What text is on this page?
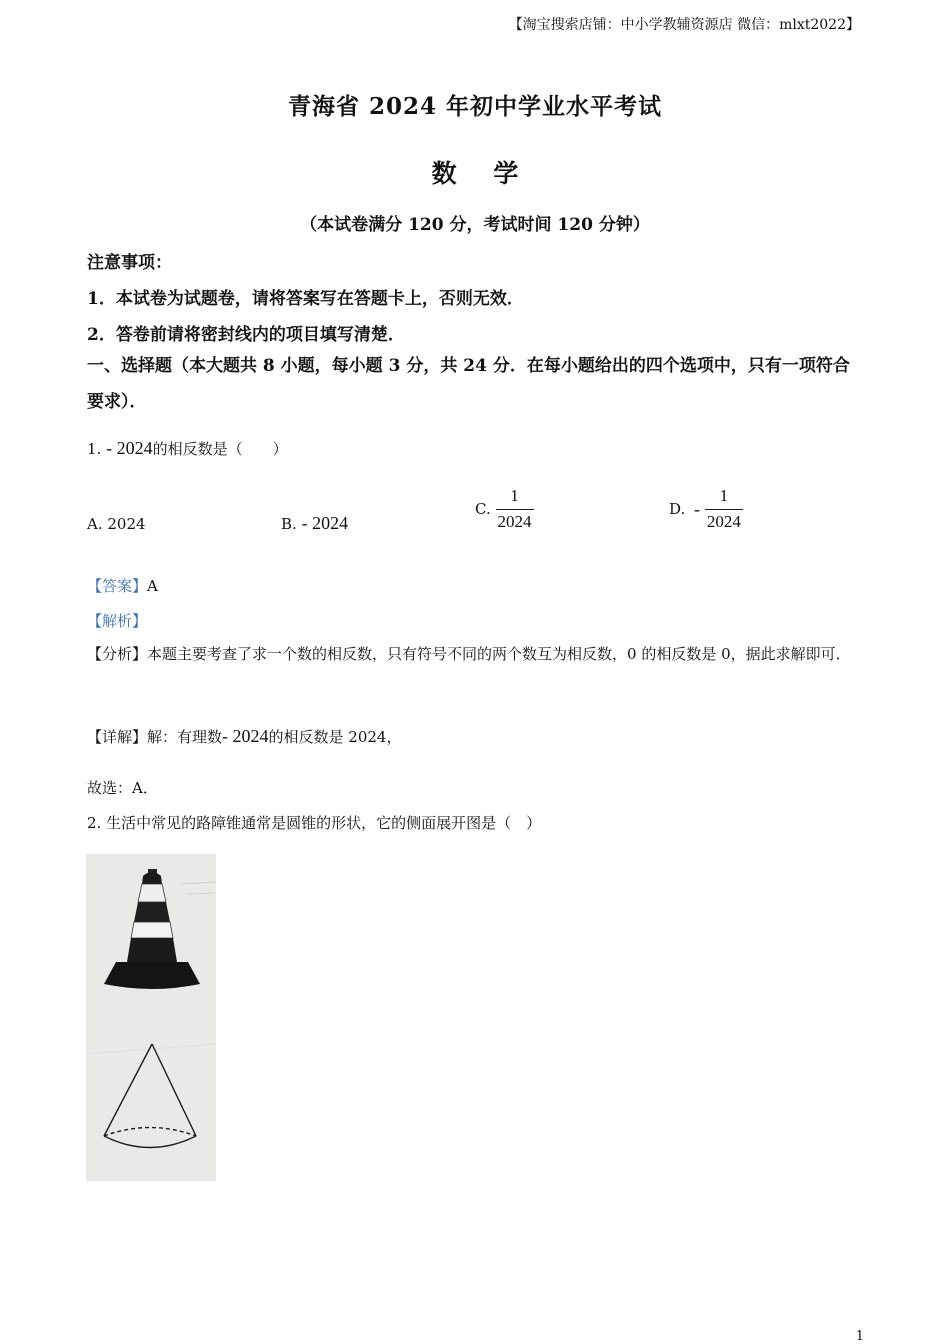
【淘宝搜索店铺：中小学教辅资源店 微信：mlxt2022】
青海省 2024 年初中学业水平考试
数 学
（本试卷满分 120 分，考试时间 120 分钟）
注意事项：
1．本试卷为试题卷，请将答案写在答题卡上，否则无效．
2．答卷前请将密封线内的项目填写清楚．
一、选择题（本大题共 8 小题，每小题 3 分，共 24 分．在每小题给出的四个选项中，只有一项符合要求）．
1. - 2024的相反数是（　　）
A. 2024	B. - 2024
C. $\frac{1}{2024}$	D. - $\frac{1}{2024}$
【答案】A
【解析】
【分析】本题主要考查了求一个数的相反数，只有符号不同的两个数互为相反数，0 的相反数是 0，据此求解即可．
【详解】解：有理数- 2024的相反数是 2024，
故选：A．
2. 生活中常见的路障锥通常是圆锥的形状，它的侧面展开图是（　）
1
